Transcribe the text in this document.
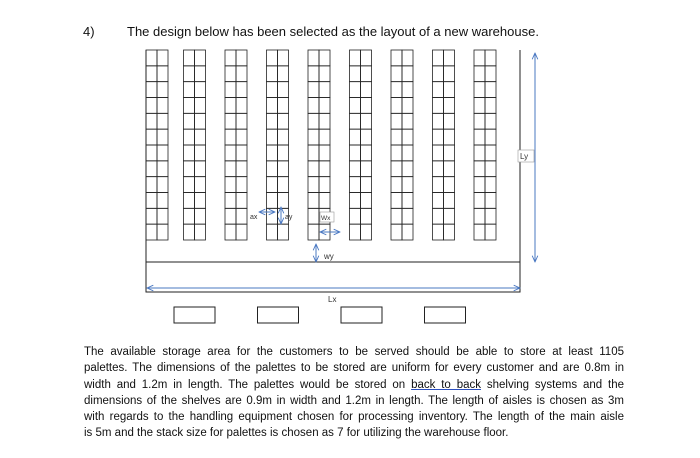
4) The design below has been selected as the layout of a new warehouse.
Ly
Lx
ax	ay	Wx
wy
The available storage area for the customers to be served should be able to store at least 1105
palettes. The dimensions of the palettes to be stored are uniform for every customer and are 0.8m in
width and 1.2m in length. The palettes would be stored on back to back shelving systems and the
dimensions of the shelves are 0.9m in width and 1.2m in length. The length of aisles is chosen as 3m
with regards to the handling equipment chosen for processing inventory. The length of the main aisle
is 5m and the stack size for palettes is chosen as 7 for utilizing the warehouse floor.
